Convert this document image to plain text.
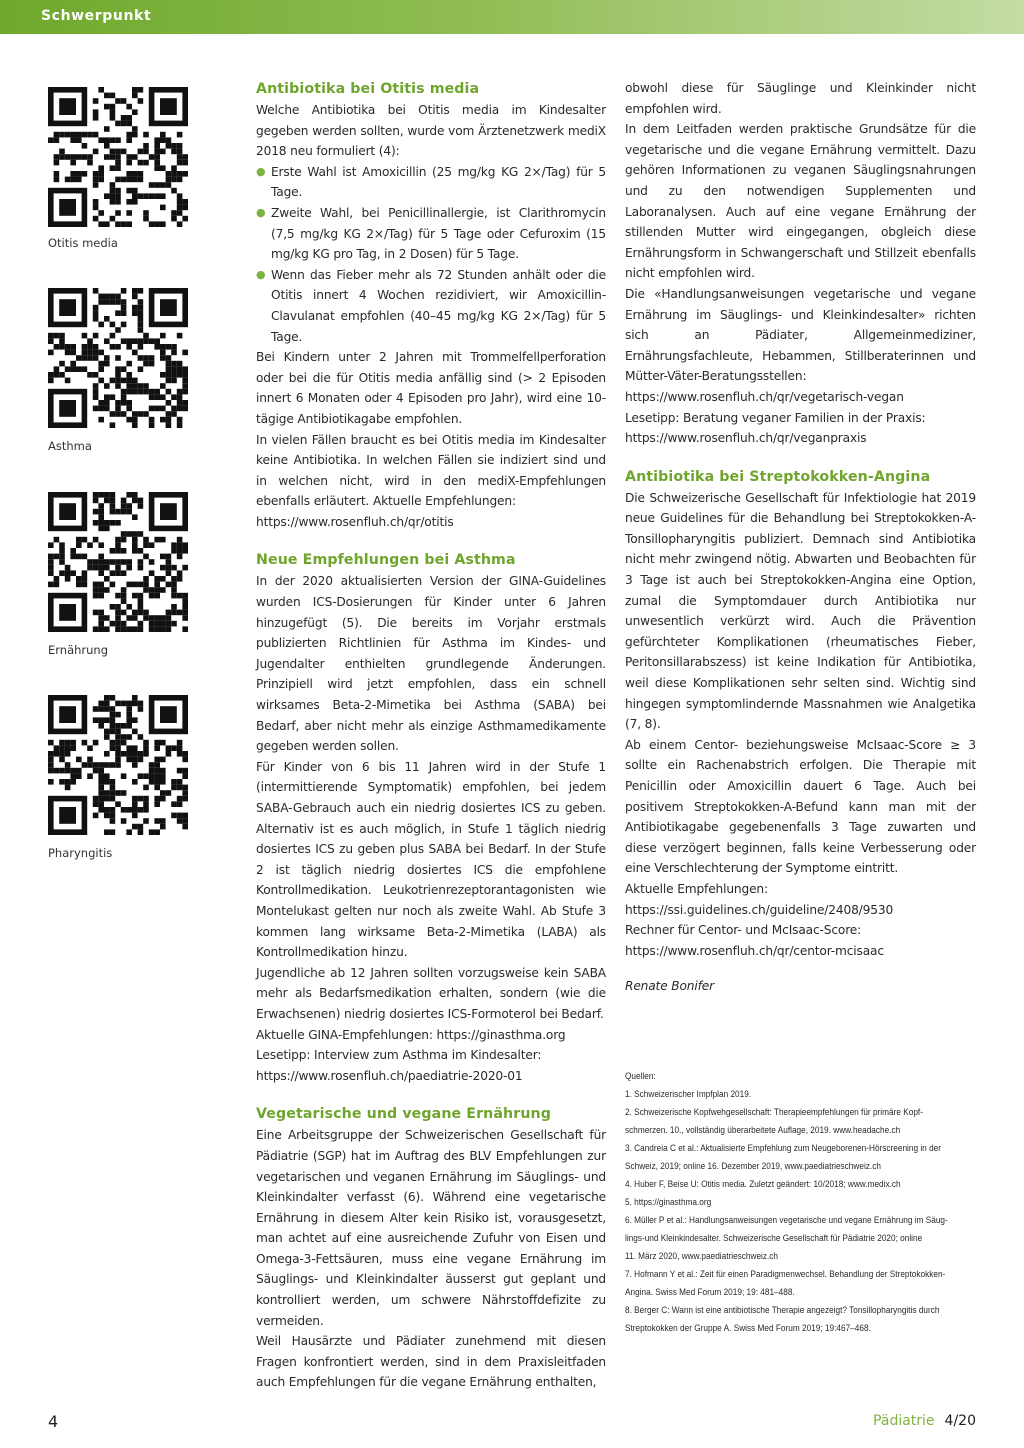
Schwerpunkt
Otitis media
Asthma
Ernährung
Pharyngitis
Antibiotika bei Otitis media

Welche Antibiotika bei Otitis media im Kindesalter gegeben werden sollten, wurde vom Ärztenetzwerk mediX 2018 neu formuliert (4):

● Erste Wahl ist Amoxicillin (25 mg/kg KG 2×/Tag) für 5 Tage.
● Zweite Wahl, bei Penicillinallergie, ist Clarithromycin (7,5 mg/kg KG 2×/Tag) für 5 Tage oder Cefuroxim (15 mg/kg KG pro Tag, in 2 Dosen) für 5 Tage.
● Wenn das Fieber mehr als 72 Stunden anhält oder die Otitis innert 4 Wochen rezidiviert, wir Amoxicillin-Clavulanat empfohlen (40–45 mg/kg KG 2×/Tag) für 5 Tage.

Bei Kindern unter 2 Jahren mit Trommelfellperforation oder bei die für Otitis media anfällig sind (> 2 Episoden innert 6 Monaten oder 4 Episoden pro Jahr), wird eine 10-tägige Antibiotikagabe empfohlen.

In vielen Fällen braucht es bei Otitis media im Kindesalter keine Antibiotika. In welchen Fällen sie indiziert sind und in welchen nicht, wird in den mediX-Empfehlungen ebenfalls erläutert. Aktuelle Empfehlungen:

https://www.rosenfluh.ch/qr/otitis

Neue Empfehlungen bei Asthma

In der 2020 aktualisierten Version der GINA-Guidelines wurden ICS-Dosierungen für Kinder unter 6 Jahren hinzugefügt (5). Die bereits im Vorjahr erstmals publizierten Richtlinien für Asthma im Kindes- und Jugendalter enthielten grundlegende Änderungen. Prinzipiell wird jetzt empfohlen, dass ein schnell wirksames Beta-2-Mimetika bei Asthma (SABA) bei Bedarf, aber nicht mehr als einzige Asthmamedikamente gegeben werden sollen.

Für Kinder von 6 bis 11 Jahren wird in der Stufe 1 (intermittierende Symptomatik) empfohlen, bei jedem SABA-Gebrauch auch ein niedrig dosiertes ICS zu geben. Alternativ ist es auch möglich, in Stufe 1 täglich niedrig dosiertes ICS zu geben plus SABA bei Bedarf. In der Stufe 2 ist täglich niedrig dosiertes ICS die empfohlene Kontrollmedikation. Leukotrienrezeptorantagonisten wie Montelukast gelten nur noch als zweite Wahl. Ab Stufe 3 kommen lang wirksame Beta-2-Mimetika (LABA) als Kontrollmedikation hinzu.

Jugendliche ab 12 Jahren sollten vorzugsweise kein SABA mehr als Bedarfsmedikation erhalten, sondern (wie die Erwachsenen) niedrig dosiertes ICS-Formoterol bei Bedarf.

Aktuelle GINA-Empfehlungen: https://ginasthma.org

Lesetipp: Interview zum Asthma im Kindesalter:

https://www.rosenfluh.ch/paediatrie-2020-01

Vegetarische und vegane Ernährung

Eine Arbeitsgruppe der Schweizerischen Gesellschaft für Pädiatrie (SGP) hat im Auftrag des BLV Empfehlungen zur vegetarischen und veganen Ernährung im Säuglings- und Kleinkindalter verfasst (6). Während eine vegetarische Ernährung in diesem Alter kein Risiko ist, vorausgesetzt, man achtet auf eine ausreichende Zufuhr von Eisen und Omega-3-Fettsäuren, muss eine vegane Ernährung im Säuglings- und Kleinkindalter äusserst gut geplant und kontrolliert werden, um schwere Nährstoffdefizite zu vermeiden.

Weil Hausärzte und Pädiater zunehmend mit diesen Fragen konfrontiert werden, sind in dem Praxisleitfaden auch Empfehlungen für die vegane Ernährung enthalten,

obwohl diese für Säuglinge und Kleinkinder nicht empfohlen wird.

In dem Leitfaden werden praktische Grundsätze für die vegetarische und die vegane Ernährung vermittelt. Dazu gehören Informationen zu veganen Säuglingsnahrungen und zu den notwendigen Supplementen und Laboranalysen. Auch auf eine vegane Ernährung der stillenden Mutter wird eingegangen, obgleich diese Ernährungsform in Schwangerschaft und Stillzeit ebenfalls nicht empfohlen wird.

Die «Handlungsanweisungen vegetarische und vegane Ernährung im Säuglings- und Kleinkindesalter» richten sich an Pädiater, Allgemeinmediziner, Ernährungsfachleute, Hebammen, Stillberaterinnen und Mütter-Väter-Beratungsstellen:

https://www.rosenfluh.ch/qr/vegetarisch-vegan

Lesetipp: Beratung veganer Familien in der Praxis:

https://www.rosenfluh.ch/qr/veganpraxis

Antibiotika bei Streptokokken-Angina

Die Schweizerische Gesellschaft für Infektiologie hat 2019 neue Guidelines für die Behandlung bei Streptokokken-A-Tonsillopharyngitis publiziert. Demnach sind Antibiotika nicht mehr zwingend nötig. Abwarten und Beobachten für 3 Tage ist auch bei Streptokokken-Angina eine Option, zumal die Symptomdauer durch Antibiotika nur unwesentlich verkürzt wird. Auch die Prävention gefürchteter Komplikationen (rheumatisches Fieber, Peritonsillarabszess) ist keine Indikation für Antibiotika, weil diese Komplikationen sehr selten sind. Wichtig sind hingegen symptomlindernde Massnahmen wie Analgetika (7, 8).

Ab einem Centor- beziehungsweise McIsaac-Score ≥ 3 sollte ein Rachenabstrich erfolgen. Die Therapie mit Penicillin oder Amoxicillin dauert 6 Tage. Auch bei positivem Streptokokken-A-Befund kann man mit der Antibiotikagabe gegebenenfalls 3 Tage zuwarten und diese verzögert beginnen, falls keine Verbesserung oder eine Verschlechterung der Symptome eintritt.

Aktuelle Empfehlungen:

https://ssi.guidelines.ch/guideline/2408/9530

Rechner für Centor- und McIsaac-Score:

https://www.rosenfluh.ch/qr/centor-mcisaac

Renate Bonifer

Quellen:

1. Schweizerischer Impfplan 2019.

2. Schweizerische Kopfwehgesellschaft: Therapieempfehlungen für primäre Kopf-

schmerzen. 10., vollständig überarbeitete Auflage, 2019. www.headache.ch

3. Candreia C et al.: Aktualisierte Empfehlung zum Neugeborenen-Hörscreening in der

Schweiz, 2019; online 16. Dezember 2019, www.paediatrieschweiz.ch

4. Huber F, Beise U: Otitis media. Zuletzt geändert: 10/2018; www.medix.ch

5. https://ginasthma.org

6. Müller P et al.: Handlungsanweisungen vegetarische und vegane Ernährung im Säug-

lings-und Kleinkindesalter. Schweizerische Gesellschaft für Pädiatrie 2020; online

11. März 2020, www.paediatrieschweiz.ch

7. Hofmann Y et al.: Zeit für einen Paradigmenwechsel. Behandlung der Streptokokken-

Angina. Swiss Med Forum 2019; 19: 481–488.

8. Berger C: Wann ist eine antibiotische Therapie angezeigt? Tonsillopharyngitis durch

Streptokokken der Gruppe A. Swiss Med Forum 2019; 19:467–468.

4	Pädiatrie 4/20
